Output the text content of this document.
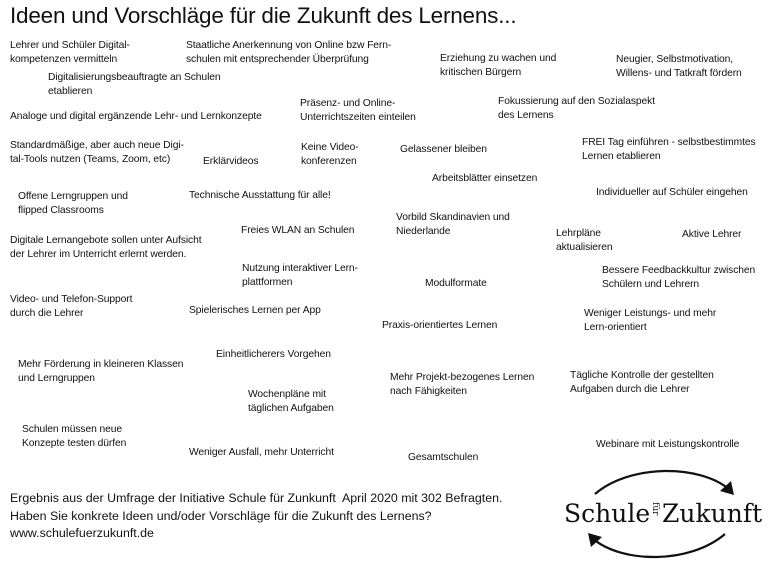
Ideen und Vorschläge für die Zukunft des Lernens...
Lehrer und Schüler Digital-
kompetenzen vermitteln
Staatliche Anerkennung von Online bzw Fern-
schulen mit entsprechender Überprüfung	Erziehung zu wachen und
kritischen Bürgern
Neugier, Selbstmotivation,
Willens- und Tatkraft fördern
Digitalisierungsbeauftragte an Schulen
etablieren
Präsenz- und Online-
Unterrichtszeiten einteilen
Fokussierung auf den Sozialaspekt
des Lernens
Analoge und digital ergänzende Lehr- und Lernkonzepte
Standardmäßige, aber auch neue Digi-
tal-Tools nutzen (Teams, Zoom, etc)	Erklärvideos
Keine Video-
konferenzen
Gelassener bleiben
FREI Tag einführen - selbstbestimmtes
Lernen etablieren
Arbeitsblätter einsetzen
Individueller auf Schüler eingehen
Offene Lerngruppen und
flipped Classrooms
Technische Ausstattung für alle!
Freies WLAN an Schulen
Vorbild Skandinavien und
Niederlande	Lehrpläne
aktualisieren
Aktive Lehrer
Digitale Lernangebote sollen unter Aufsicht
der Lehrer im Unterricht erlernt werden.
Nutzung interaktiver Lern-
plattformen	Modulformate
Bessere Feedbackkultur zwischen
Schülern und Lehrern
Video- und Telefon-Support
durch die Lehrer	Spielerisches Lernen per App
Praxis-orientiertes Lernen
Weniger Leistungs- und mehr
Lern-orientiert
Einheitlicherers Vorgehen
Mehr Förderung in kleineren Klassen
und Lerngruppen	Mehr Projekt-bezogenes Lernen
nach Fähigkeiten
Tägliche Kontrolle der gestellten
Aufgaben durch die Lehrer
Wochenpläne mit
täglichen Aufgaben
Schulen müssen neue
Konzepte testen dürfen	Webinare mit Leistungskontrolle
Weniger Ausfall, mehr Unterricht	Gesamtschulen
Ergebnis aus der Umfrage der Initiative Schule für Zunkunft  April 2020 mit 302 Befragten.
Haben Sie konkrete Ideen und/oder Vorschläge für die Zukunft des Lernens?
www.schulefuerzukunft.de
Schule für Zukunft
